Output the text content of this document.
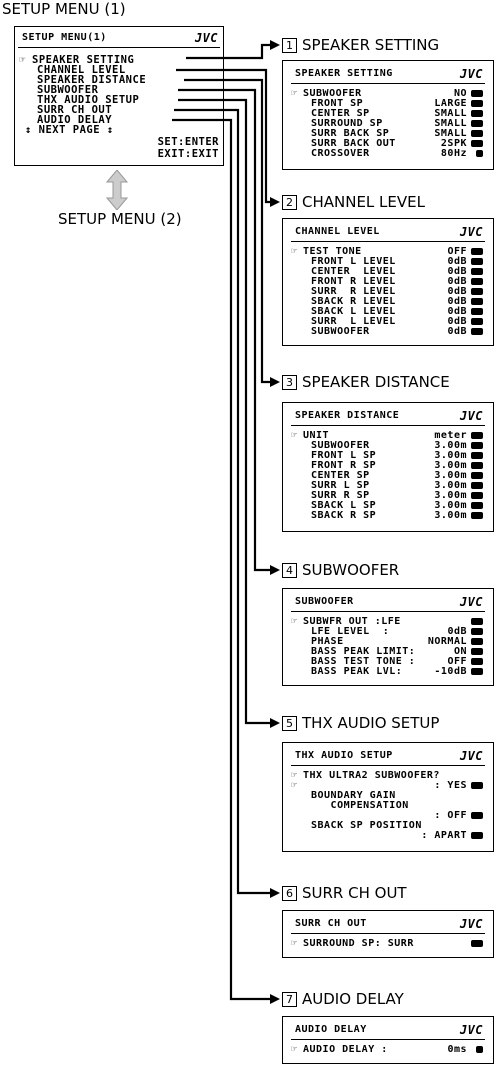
SETUP MENU (1)
SETUP MENU(1)	JVC
☞ SPEAKER SETTING
CHANNEL LEVEL
SPEAKER DISTANCE
SUBWOOFER
THX AUDIO SETUP
SURR CH OUT
AUDIO DELAY
↕ NEXT PAGE ↕
SET:ENTER
EXIT:EXIT
SETUP MENU (2)
1 SPEAKER SETTING
2 CHANNEL LEVEL
3 SPEAKER DISTANCE
4 SUBWOOFER
5 THX AUDIO SETUP
6 SURR CH OUT
7 AUDIO DELAY
SPEAKER SETTING	JVC
☞ SUBWOOFER	NO
FRONT SP	LARGE
CENTER SP	SMALL
SURROUND SP	SMALL
SURR BACK SP	SMALL
SURR BACK OUT	2SPK
CROSSOVER	80Hz
CHANNEL LEVEL	JVC
☞ TEST TONE	OFF
FRONT L LEVEL	0dB
CENTER  LEVEL	0dB
FRONT R LEVEL	0dB
SURR  R LEVEL	0dB
SBACK R LEVEL	0dB
SBACK L LEVEL	0dB
SURR  L LEVEL	0dB
SUBWOOFER	0dB
SPEAKER DISTANCE	JVC
☞ UNIT	meter
SUBWOOFER	3.00m
FRONT L SP	3.00m
FRONT R SP	3.00m
CENTER SP	3.00m
SURR L SP	3.00m
SURR R SP	3.00m
SBACK L SP	3.00m
SBACK R SP	3.00m
SUBWOOFER	JVC
☞ SUBWFR OUT :LFE
LFE LEVEL  :	0dB
PHASE	NORMAL
BASS PEAK LIMIT:	ON
BASS TEST TONE :	OFF
BASS PEAK LVL:	-10dB
THX AUDIO SETUP	JVC
☞ THX ULTRA2 SUBWOOFER?
☞	: YES
BOUNDARY GAIN
COMPENSATION
: OFF
SBACK SP POSITION
: APART
SURR CH OUT	JVC
☞ SURROUND SP: SURR
AUDIO DELAY	JVC
☞ AUDIO DELAY :	0ms
